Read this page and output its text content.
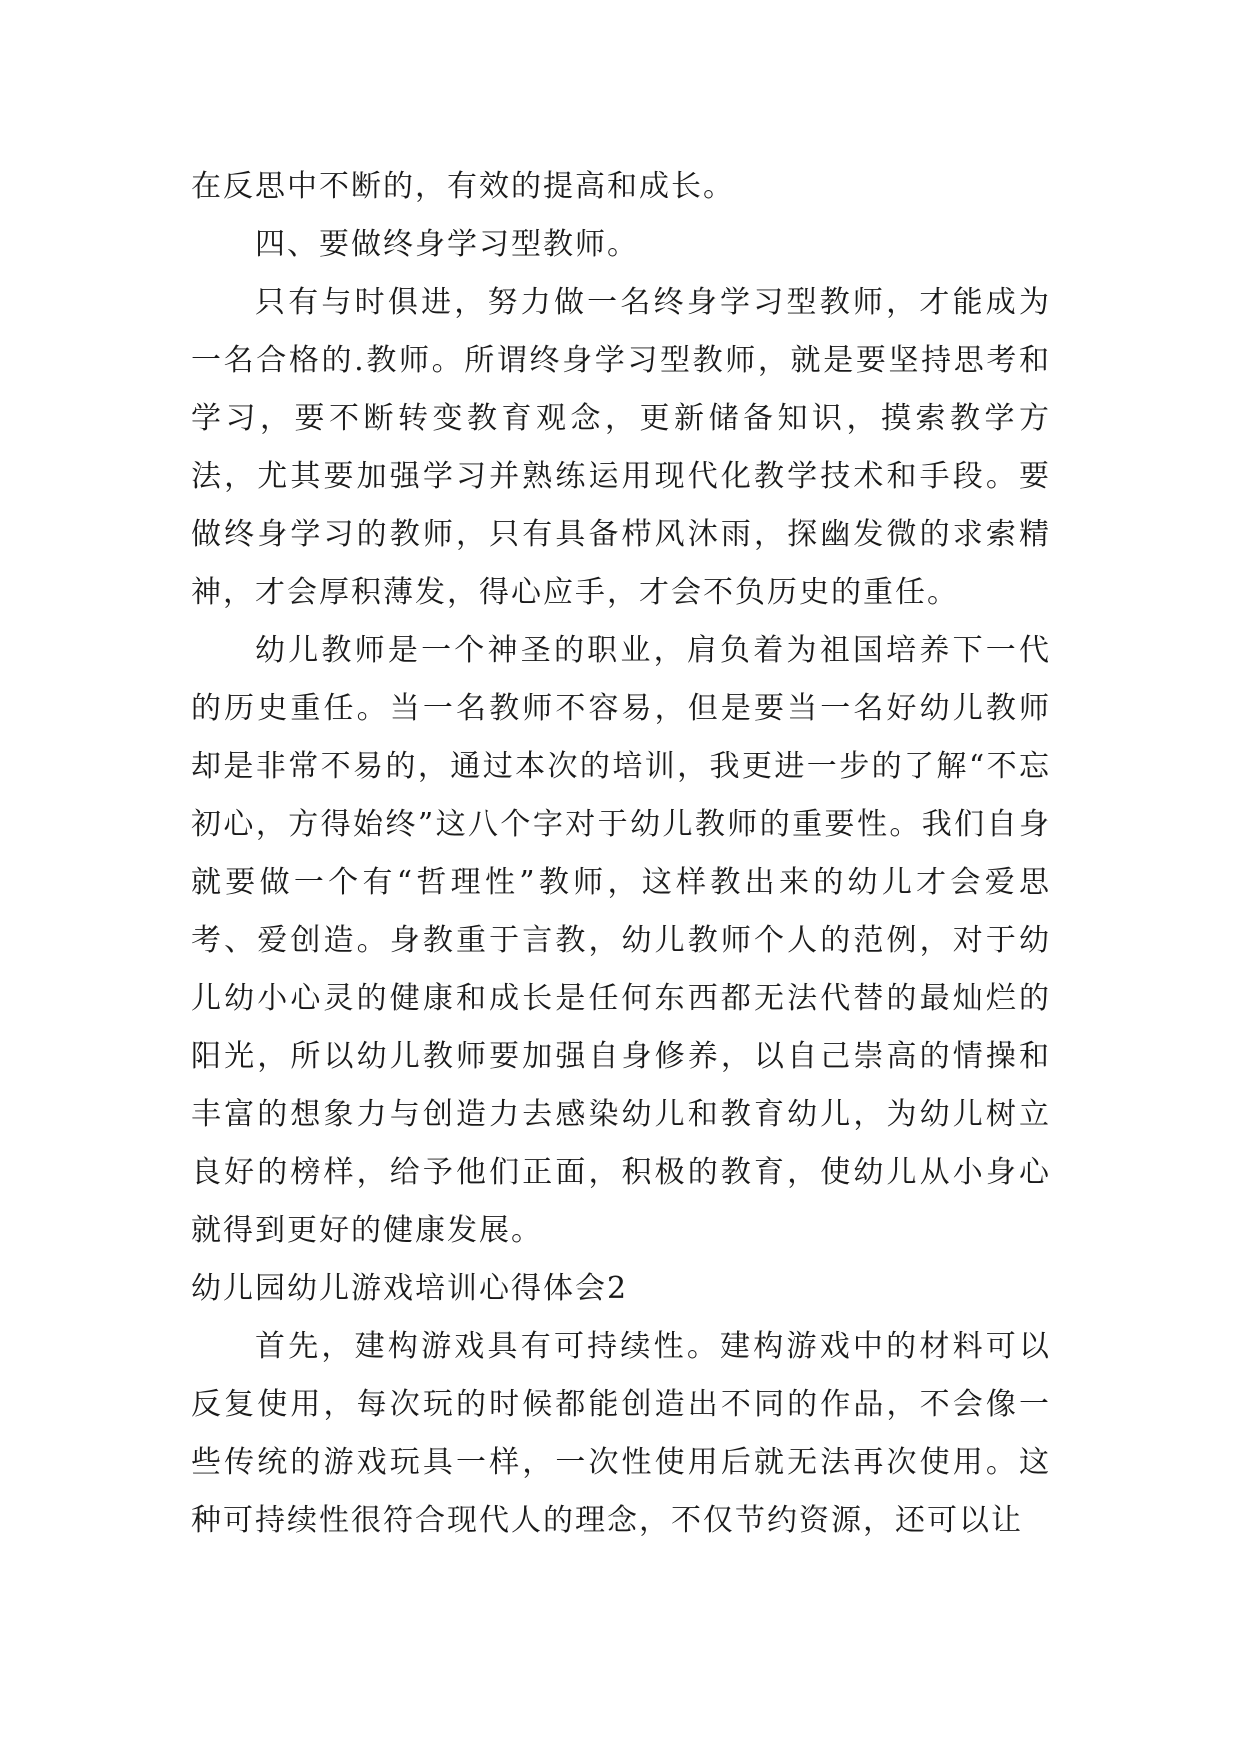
在反思中不断的，有效的提高和成长。

四、要做终身学习型教师。

只有与时俱进，努力做一名终身学习型教师，才能成为一名合格的.教师。所谓终身学习型教师，就是要坚持思考和学习，要不断转变教育观念，更新储备知识，摸索教学方法，尤其要加强学习并熟练运用现代化教学技术和手段。要做终身学习的教师，只有具备栉风沐雨，探幽发微的求索精神，才会厚积薄发，得心应手，才会不负历史的重任。

幼儿教师是一个神圣的职业，肩负着为祖国培养下一代的历史重任。当一名教师不容易，但是要当一名好幼儿教师却是非常不易的，通过本次的培训，我更进一步的了解“不忘初心，方得始终”这八个字对于幼儿教师的重要性。我们自身就要做一个有“哲理性”教师，这样教出来的幼儿才会爱思考、爱创造。身教重于言教，幼儿教师个人的范例，对于幼儿幼小心灵的健康和成长是任何东西都无法代替的最灿烂的阳光，所以幼儿教师要加强自身修养，以自己崇高的情操和丰富的想象力与创造力去感染幼儿和教育幼儿，为幼儿树立良好的榜样，给予他们正面，积极的教育，使幼儿从小身心就得到更好的健康发展。

幼儿园幼儿游戏培训心得体会2

首先，建构游戏具有可持续性。建构游戏中的材料可以反复使用，每次玩的时候都能创造出不同的作品，不会像一些传统的游戏玩具一样，一次性使用后就无法再次使用。这种可持续性很符合现代人的理念，不仅节约资源，还可以让
